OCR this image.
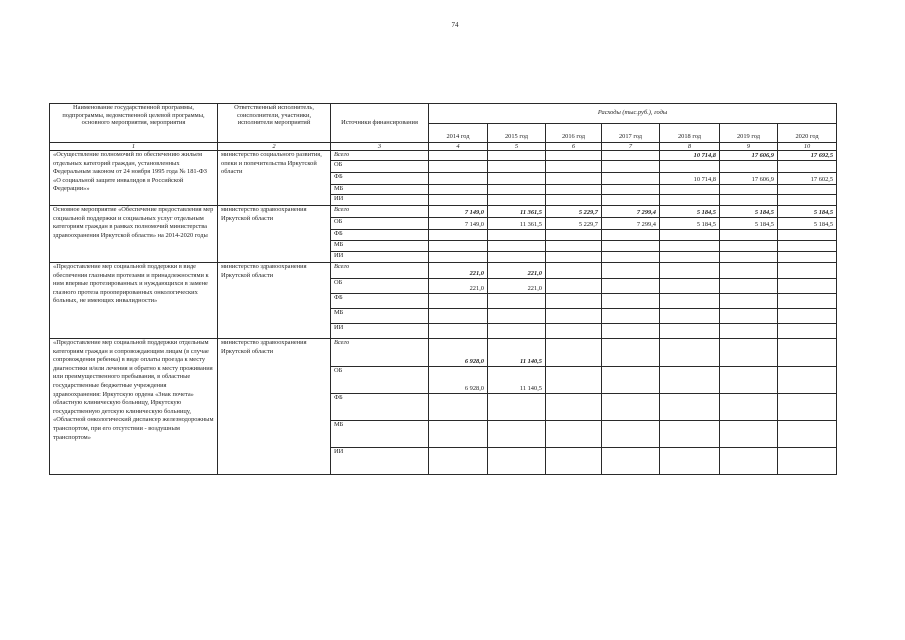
74
Наименование государственной программы, подпрограммы, ведомственной целевой программы, основного мероприятия, мероприятия	Ответственный исполнитель, соисполнители, участники, исполнители мероприятий	Источники финансирования	Расходы (тыс.руб.), годы						
			2014 год	2015 год	2016 год	2017 год	2018 год	2019 год	2020 год
1	2	3	4	5	6	7	8	9	10
«Осуществление полномочий по обеспечению жильем отдельных категорий граждан, установленных Федеральным законом от 24 ноября 1995 года № 181-ФЗ «О социальной защите инвалидов в Российской Федерации»»	министерство социального развития, опеки и попечительства Иркутской области	Всего					10 714,8	17 606,9	17 692,5
		ОБ							
		ФБ					10 714,8	17 606,9	17 602,5
		МБ							
		ИИ							
Основное мероприятие «Обеспечение предоставления мер социальной поддержки и социальных услуг отдельным категориям граждан в рамках полномочий министерства здравоохранения Иркутской области» на 2014-2020 годы	министерство здравоохранения Иркутской области	Всего	7 149,0	11 361,5	5 229,7	7 299,4	5 184,5	5 184,5	5 184,5
		ОБ	7 149,0	11 361,5	5 229,7	7 299,4	5 184,5	5 184,5	5 184,5
		ФБ							
		МБ							
		ИИ							
«Предоставление мер социальной поддержки в виде обеспечения глазными протезами и принадлежностями к ним впервые протезированных и нуждающихся в замене глазного протеза прооперированных онкологических больных, не имеющих инвалидности»	министерство здравоохранения Иркутской области	Всего	221,0	221,0					
		ОБ	221,0	221,0					
		ФБ							
		МБ							
		ИИ							
«Предоставление мер социальной поддержки отдельным категориям граждан и сопровождающим лицам (в случае сопровождения ребенка) в виде оплаты проезда к месту диагностики и/или лечения и обратно к месту проживания или преимущественного пребывания, в областные государственные бюджетные учреждения здравоохранения: Иркутскую ордена «Знак почета» областную клиническую больницу, Иркутскую государственную детскую клиническую больницу, «Областной онкологический диспансер железнодорожным транспортом, при его отсутствии - воздушным транспортом»	министерство здравоохранения Иркутской области	Всего	6 928,0	11 140,5					
		ОБ	6 928,0	11 140,5					
		ФБ							
		МБ							
		ИИ							
